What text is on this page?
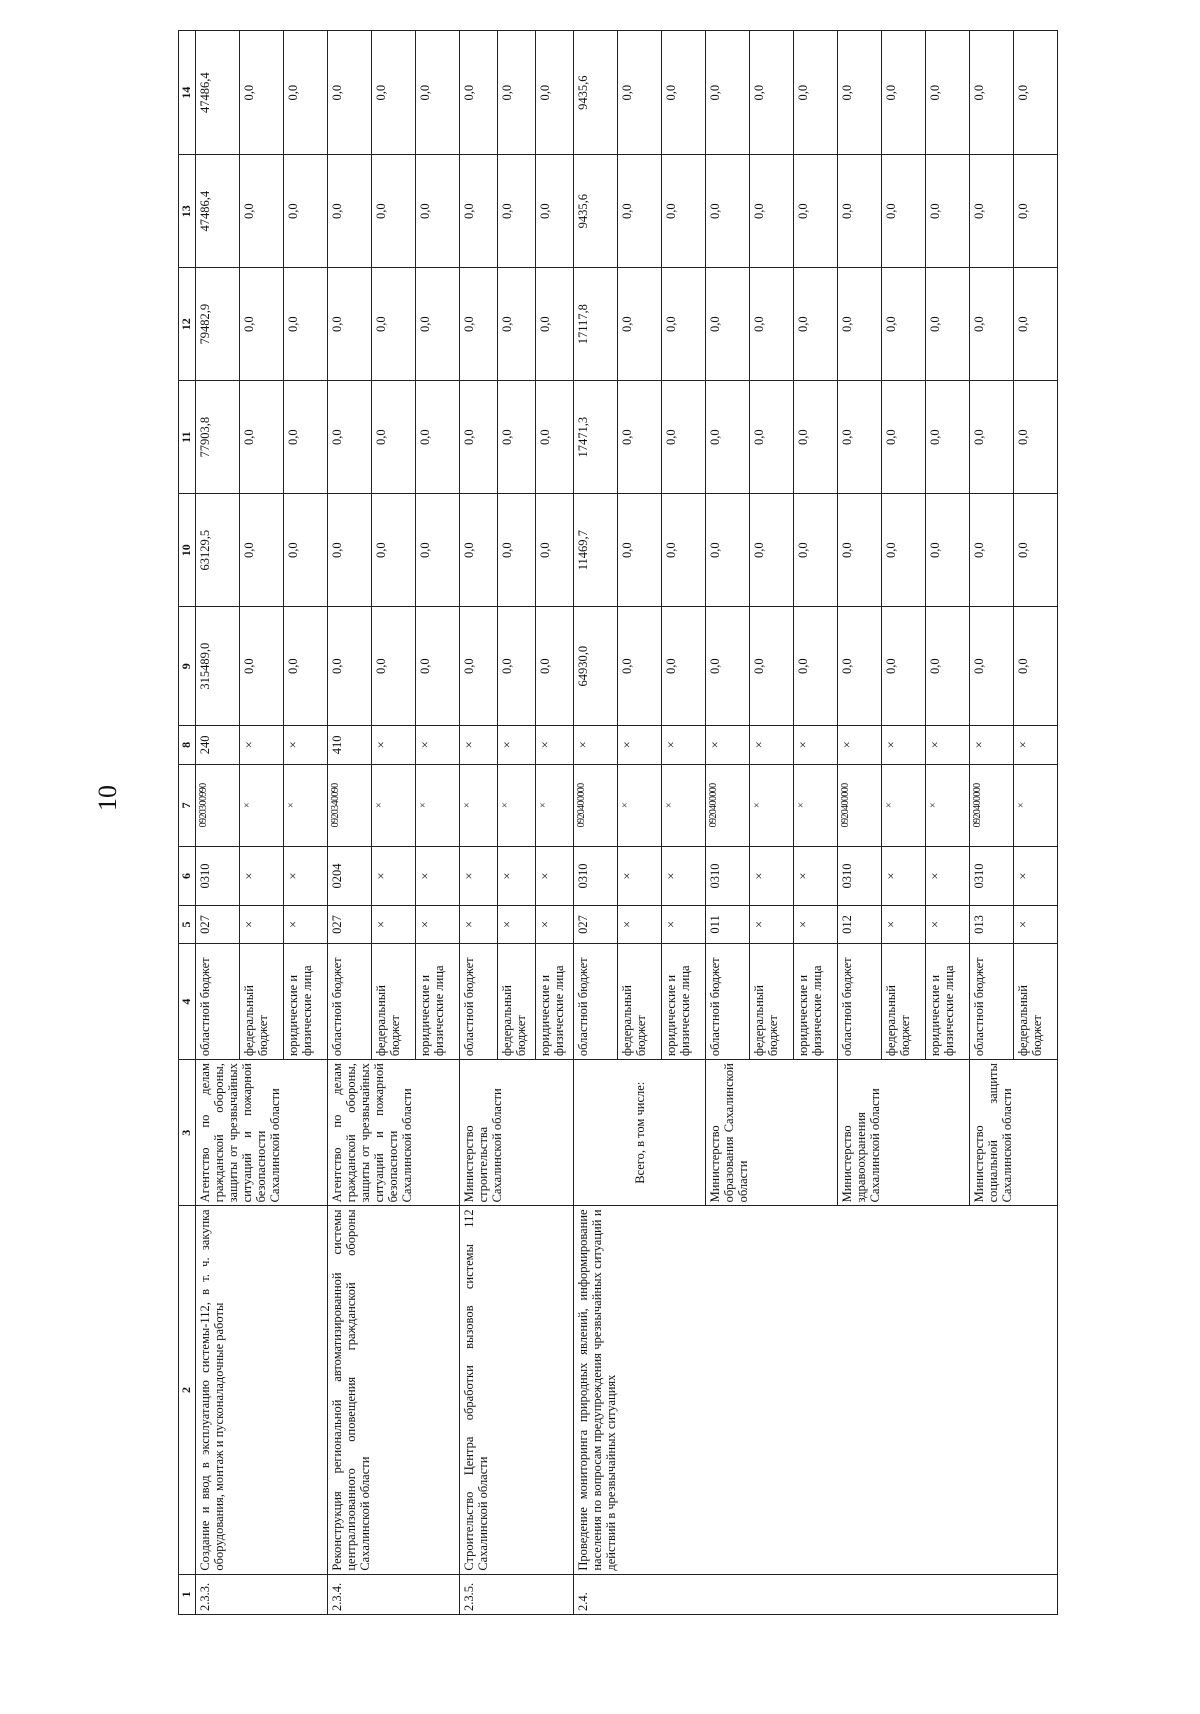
10
1	2	3	4	5	6	7	8	9	10	11	12	13	14
2.3.3.	Создание и ввод в эксплуатацию системы-112, в т. ч. закупка оборудования, монтаж и пусконаладочные работы	Агентство по делам гражданской обороны, защиты от чрезвычайных ситуаций и пожарной безопасности Сахалинской области	областной бюджет	027	0310	0920300990	240	315489,0	63129,5	77903,8	79482,9	47486,4	47486,4
			федеральный бюджет	×	×	×	×	0,0	0,0	0,0	0,0	0,0	0,0
			юридические и физические лица	×	×	×	×	0,0	0,0	0,0	0,0	0,0	0,0
2.3.4.	Реконструкция региональной автоматизированной системы централизованного оповещения гражданской обороны Сахалинской области	Агентство по делам гражданской обороны, защиты от чрезвычайных ситуаций и пожарной безопасности Сахалинской области	областной бюджет	027	0204	0920340090	410	0,0	0,0	0,0	0,0	0,0	0,0
			федеральный бюджет	×	×	×	×	0,0	0,0	0,0	0,0	0,0	0,0
			юридические и физические лица	×	×	×	×	0,0	0,0	0,0	0,0	0,0	0,0
2.3.5.	Строительство Центра обработки вызовов системы 112 Сахалинской области	Министерство строительства Сахалинской области	областной бюджет	×	×	×	×	0,0	0,0	0,0	0,0	0,0	0,0
			федеральный бюджет	×	×	×	×	0,0	0,0	0,0	0,0	0,0	0,0
			юридические и физические лица	×	×	×	×	0,0	0,0	0,0	0,0	0,0	0,0
2.4.	Проведение мониторинга природных явлений, информирование населения по вопросам предупреждения чрезвычайных ситуаций и действий в чрезвычайных ситуациях	Всего, в том числе:	областной бюджет	027	0310	0920400000	×	64930,0	11469,7	17471,3	17117,8	9435,6	9435,6
			федеральный бюджет	×	×	×	×	0,0	0,0	0,0	0,0	0,0	0,0
			юридические и физические лица	×	×	×	×	0,0	0,0	0,0	0,0	0,0	0,0
		Министерство образования Сахалинской области	областной бюджет	011	0310	0920400000	×	0,0	0,0	0,0	0,0	0,0	0,0
			федеральный бюджет	×	×	×	×	0,0	0,0	0,0	0,0	0,0	0,0
			юридические и физические лица	×	×	×	×	0,0	0,0	0,0	0,0	0,0	0,0
		Министерство здравоохранения Сахалинской области	областной бюджет	012	0310	0920400000	×	0,0	0,0	0,0	0,0	0,0	0,0
			федеральный бюджет	×	×	×	×	0,0	0,0	0,0	0,0	0,0	0,0
			юридические и физические лица	×	×	×	×	0,0	0,0	0,0	0,0	0,0	0,0
		Министерство социальной защиты Сахалинской области	областной бюджет	013	0310	0920400000	×	0,0	0,0	0,0	0,0	0,0	0,0
			федеральный бюджет	×	×	×	×	0,0	0,0	0,0	0,0	0,0	0,0
